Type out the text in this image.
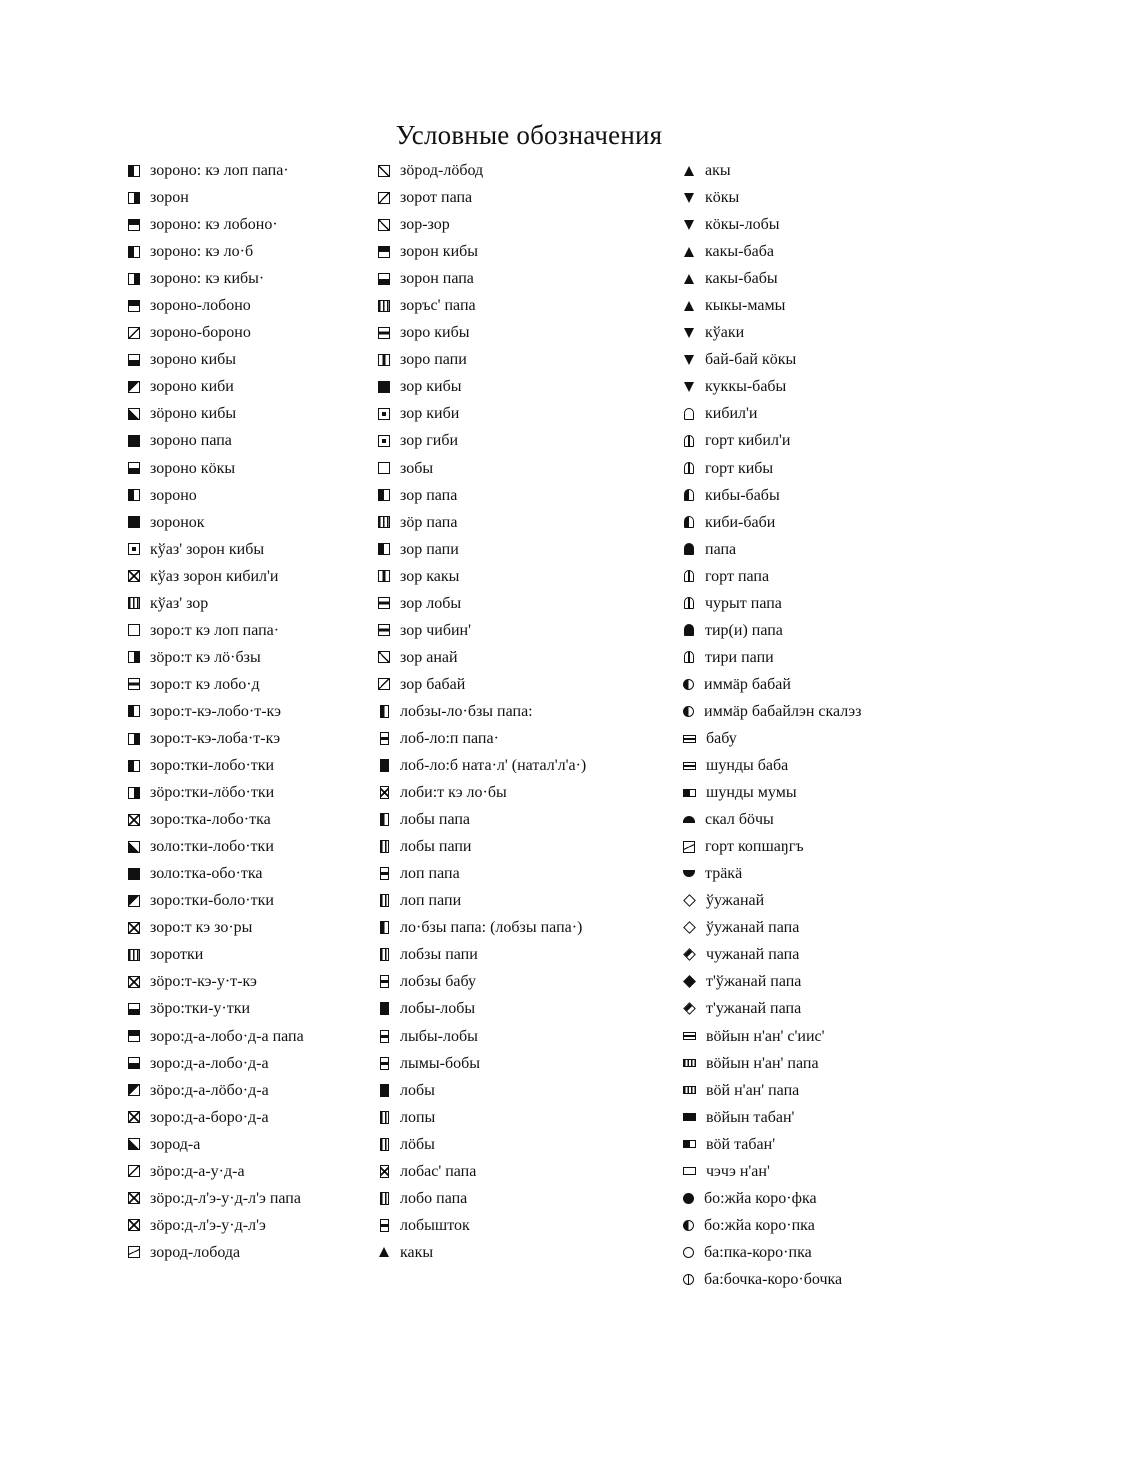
Условные обозначения
зороно: кэ лоп папа·
зорон
зороно: кэ лобоно·
зороно: кэ ло·б
зороно: кэ кибы·
зороно-лобоно
зороно-бороно
зороно кибы
зороно киби
зöроно кибы
зороно папа
зороно кöкы
зороно
зоронок
кўаз' зорон кибы
кўаз зорон кибил'и
кўаз' зор
зоро:т кэ лоп папа·
зöро:т кэ лö·бзы
зоро:т кэ лобо·д
зоро:т-кэ-лобо·т-кэ
зоро:т-кэ-лоба·т-кэ
зоро:тки-лобо·тки
зöро:тки-лöбо·тки
зоро:тка-лобо·тка
золо:тки-лобо·тки
золо:тка-обо·тка
зоро:тки-боло·тки
зоро:т кэ зо·ры
зоротки
зöро:т-кэ-у·т-кэ
зöро:тки-у·тки
зоро:д-а-лобо·д-а папа
зоро:д-а-лобо·д-а
зöро:д-а-лöбо·д-а
зоро:д-а-боро·д-а
зород-а
зöро:д-а-у·д-а
зöро:д-л'э-у·д-л'э папа
зöро:д-л'э-у·д-л'э
зород-лобода
зöрод-лöбод
зорот папа
зор-зор
зорон кибы
зорон папа
зоръс' папа
зоро кибы
зоро папи
зор кибы
зор киби
зор гиби
зобы
зор папа
зöр папа
зор папи
зор какы
зор лобы
зор чибин'
зор анай
зор бабай
лобзы-ло·бзы папа:
лоб-ло:п папа·
лоб-ло:б ната·л' (натал'л'а·)
лоби:т кэ ло·бы
лобы папа
лобы папи
лоп папа
лоп папи
ло·бзы папа: (лобзы папа·)
лобзы папи
лобзы бабу
лобы-лобы
лыбы-лобы
лымы-бобы
лобы
лопы
лöбы
лобас' папа
лобо папа
лобышток
какы
акы
кöкы
кöкы-лобы
какы-баба
какы-бабы
кыкы-мамы
кўаки
бай-бай кöкы
куккы-бабы
кибил'и
горт кибил'и
горт кибы
кибы-бабы
киби-баби
папа
горт папа
чурыт папа
тир(и) папа
тири папи
иммäр бабай
иммäр бабайлэн скалэз
бабу
шунды баба
шунды мумы
скал бöчы
горт копшаŋгъ
трäкä
ўужанай
ўужанай папа
чужанай папа
т'ўжанай папа
т'ужанай папа
вöйын н'ан' с'иис'
вöйын н'ан' папа
вöй н'ан' папа
вöйын табан'
вöй табан'
чэчэ н'ан'
бо:жйа коро·фка
бо:жйа коро·пка
ба:пка-коро·пка
ба:бочка-коро·бочка
